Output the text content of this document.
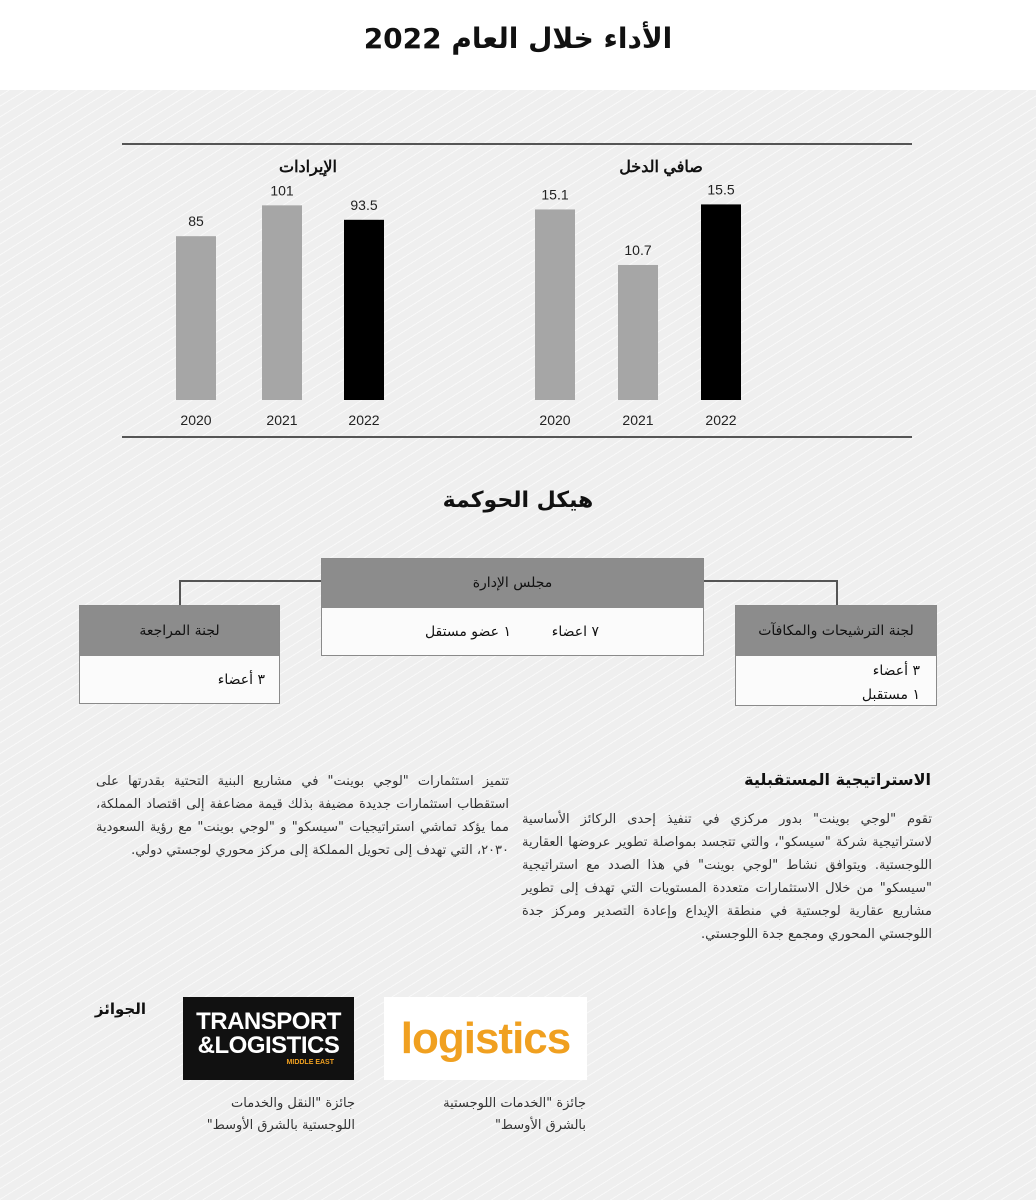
الأداء خلال العام 2022
الإيرادات
85
2020
101
2021
93.5
2022
صافي الدخل
15.1
2020
10.7
2021
15.5
2022
هيكل الحوكمة
مجلس الإدارة
٧ اعضاء
١ عضو مستقل
لجنة المراجعة
٣ أعضاء
لجنة الترشيحات والمكافآت
٣ أعضاء
١ مستقبل
الاستراتيجية المستقبلية
تقوم "لوجي بوينت" بدور مركزي في تنفيذ إحدى الركائز الأساسية لاستراتيجية شركة "سيسكو"، والتي تتجسد بمواصلة تطوير عروضها العقارية اللوجستية. ويتوافق نشاط "لوجي بوينت" في هذا الصدد مع استراتيجية "سيسكو" من خلال الاستثمارات متعددة المستويات التي تهدف إلى تطوير مشاريع عقارية لوجستية في منطقة الإيداع وإعادة التصدير ومركز جدة اللوجستي المحوري ومجمع جدة اللوجستي.
تتميز استثمارات "لوجي بوينت" في مشاريع البنية التحتية بقدرتها على استقطاب استثمارات جديدة مضيفة بذلك قيمة مضاعفة إلى اقتصاد المملكة، مما يؤكد تماشي استراتيجيات "سيسكو" و "لوجي بوينت" مع رؤية السعودية ٢٠٣٠، التي تهدف إلى تحويل المملكة إلى مركز محوري لوجستي دولي.
الجوائز TRANSPORT
&LOGISTICS
MIDDLE EAST logistics
جائزة "النقل والخدمات اللوجستية بالشرق الأوسط"
جائزة "الخدمات اللوجستية بالشرق الأوسط"
